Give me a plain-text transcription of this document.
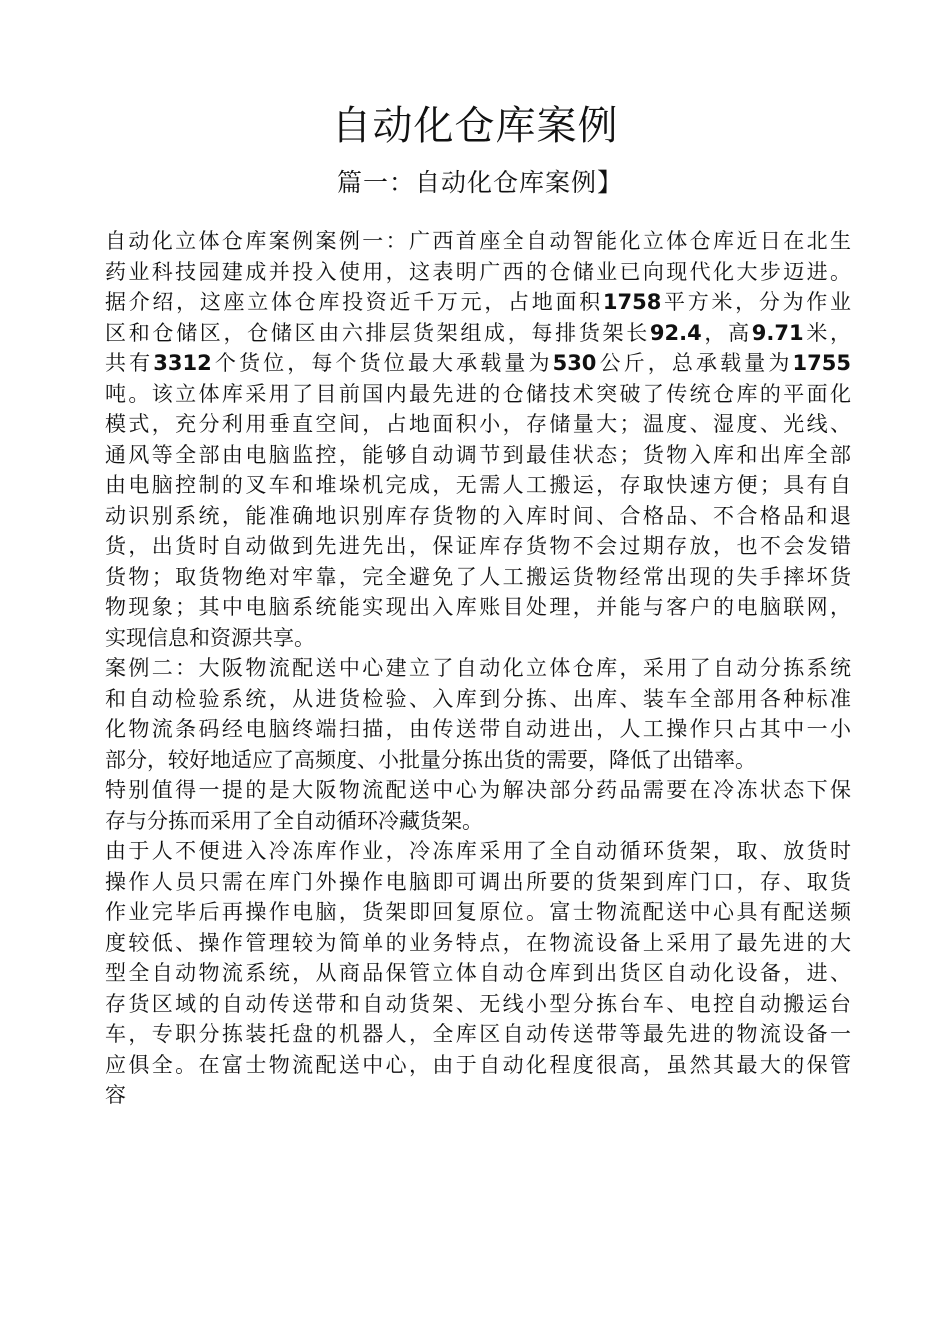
自动化仓库案例
篇一：自动化仓库案例】
自动化立体仓库案例案例一：广西首座全自动智能化立体仓库近日在北生
药业科技园建成并投入使用，这表明广西的仓储业已向现代化大步迈进。
据介绍，这座立体仓库投资近千万元，占地面积1758平方米，分为作业
区和仓储区，仓储区由六排层货架组成，每排货架长92.4，高9.71米，
共有3312个货位，每个货位最大承载量为530公斤，总承载量为1755
吨。该立体库采用了目前国内最先进的仓储技术突破了传统仓库的平面化
模式，充分利用垂直空间，占地面积小，存储量大；温度、湿度、光线、
通风等全部由电脑监控，能够自动调节到最佳状态；货物入库和出库全部
由电脑控制的叉车和堆垛机完成，无需人工搬运，存取快速方便；具有自
动识别系统，能准确地识别库存货物的入库时间、合格品、不合格品和退
货，出货时自动做到先进先出，保证库存货物不会过期存放，也不会发错
货物；取货物绝对牢靠，完全避免了人工搬运货物经常出现的失手摔坏货
物现象；其中电脑系统能实现出入库账目处理，并能与客户的电脑联网，
实现信息和资源共享。
案例二：大阪物流配送中心建立了自动化立体仓库，采用了自动分拣系统
和自动检验系统，从进货检验、入库到分拣、出库、装车全部用各种标准
化物流条码经电脑终端扫描，由传送带自动进出，人工操作只占其中一小
部分，较好地适应了高频度、小批量分拣出货的需要，降低了出错率。
特别值得一提的是大阪物流配送中心为解决部分药品需要在冷冻状态下保
存与分拣而采用了全自动循环冷藏货架。
由于人不便进入冷冻库作业，冷冻库采用了全自动循环货架，取、放货时
操作人员只需在库门外操作电脑即可调出所要的货架到库门口，存、取货
作业完毕后再操作电脑，货架即回复原位。富士物流配送中心具有配送频
度较低、操作管理较为简单的业务特点，在物流设备上采用了最先进的大
型全自动物流系统，从商品保管立体自动仓库到出货区自动化设备，进、
存货区域的自动传送带和自动货架、无线小型分拣台车、电控自动搬运台
车，专职分拣装托盘的机器人，全库区自动传送带等最先进的物流设备一
应俱全。在富士物流配送中心，由于自动化程度很高，虽然其最大的保管
容
